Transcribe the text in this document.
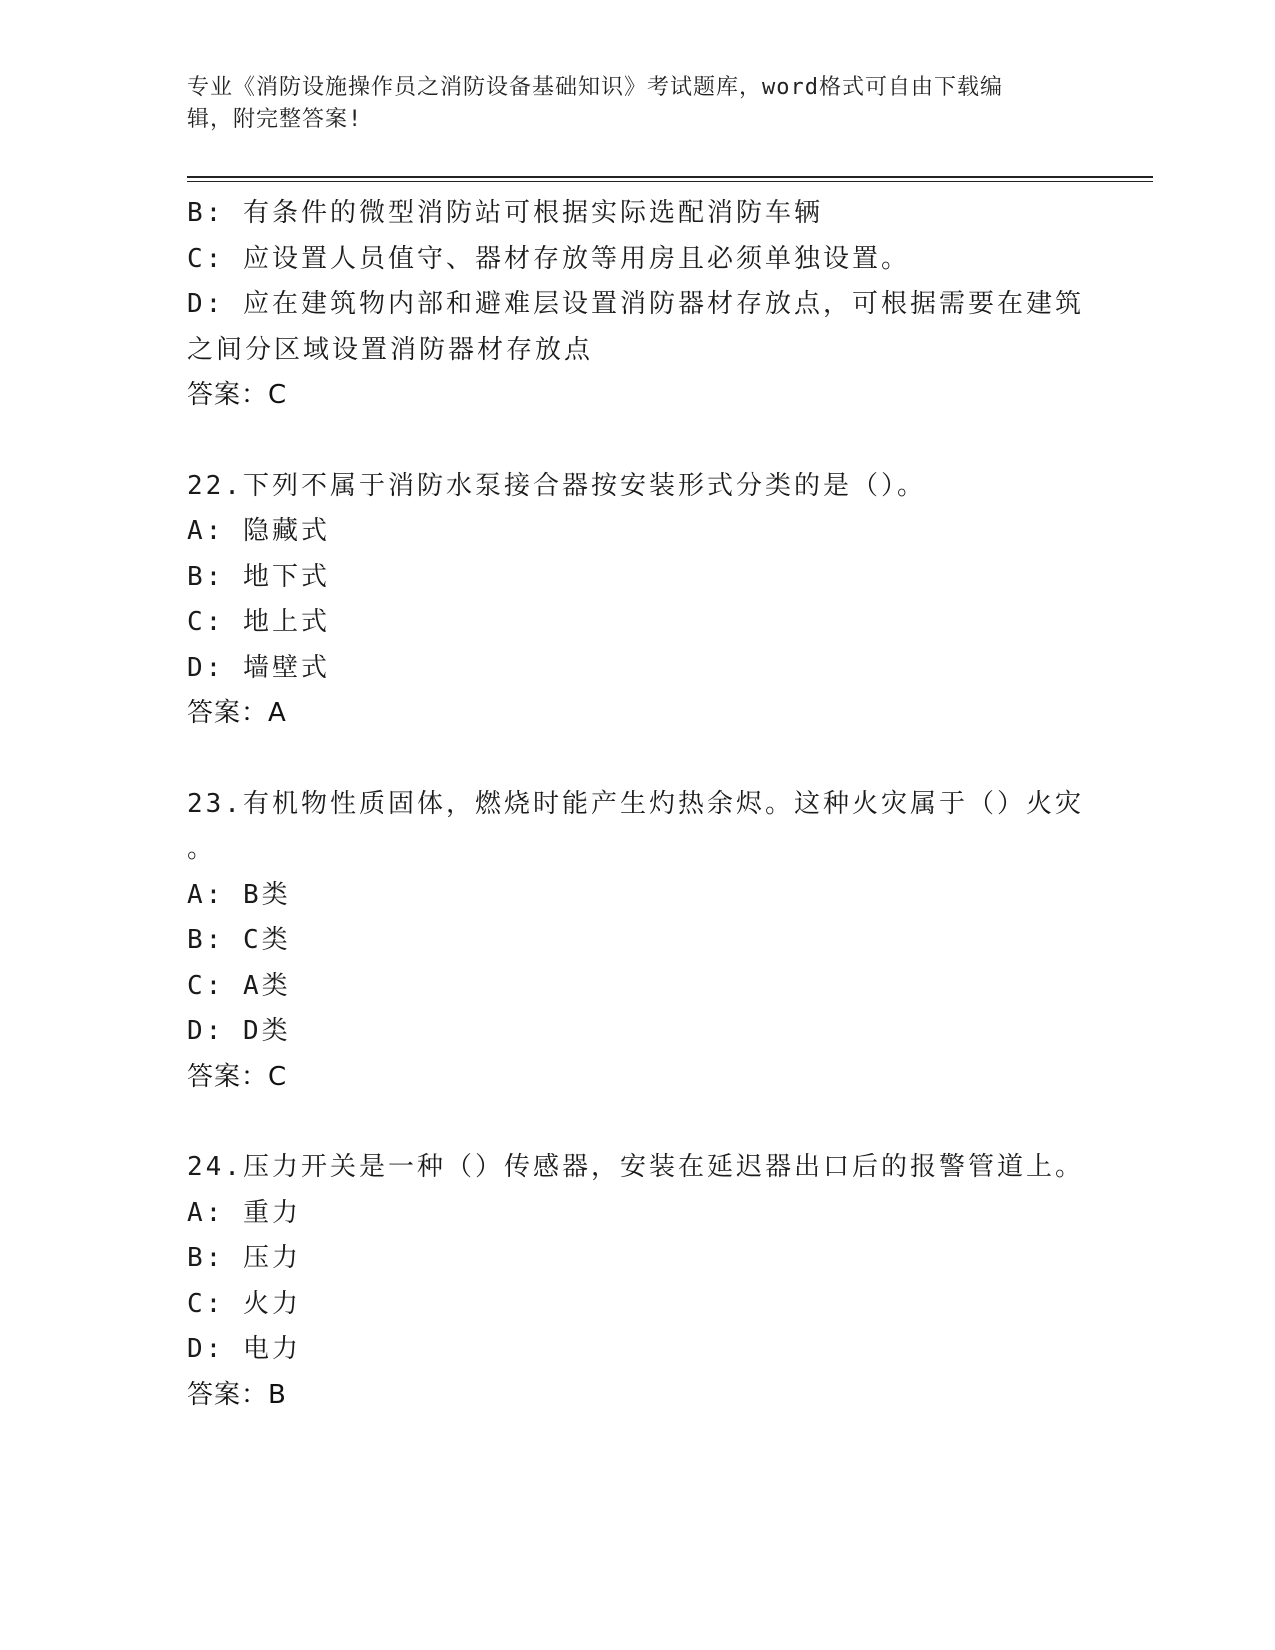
专业《消防设施操作员之消防设备基础知识》考试题库，word格式可自由下载编
辑，附完整答案!
B: 有条件的微型消防站可根据实际选配消防车辆
C: 应设置人员值守、器材存放等用房且必须单独设置。
D: 应在建筑物内部和避难层设置消防器材存放点，可根据需要在建筑
之间分区域设置消防器材存放点
答案：C
22.下列不属于消防水泵接合器按安装形式分类的是（）。
A: 隐藏式
B: 地下式
C: 地上式
D: 墙壁式
答案：A
23.有机物性质固体，燃烧时能产生灼热余烬。这种火灾属于（）火灾
。
A: B类
B: C类
C: A类
D: D类
答案：C
24.压力开关是一种（）传感器，安装在延迟器出口后的报警管道上。
A: 重力
B: 压力
C: 火力
D: 电力
答案：B
